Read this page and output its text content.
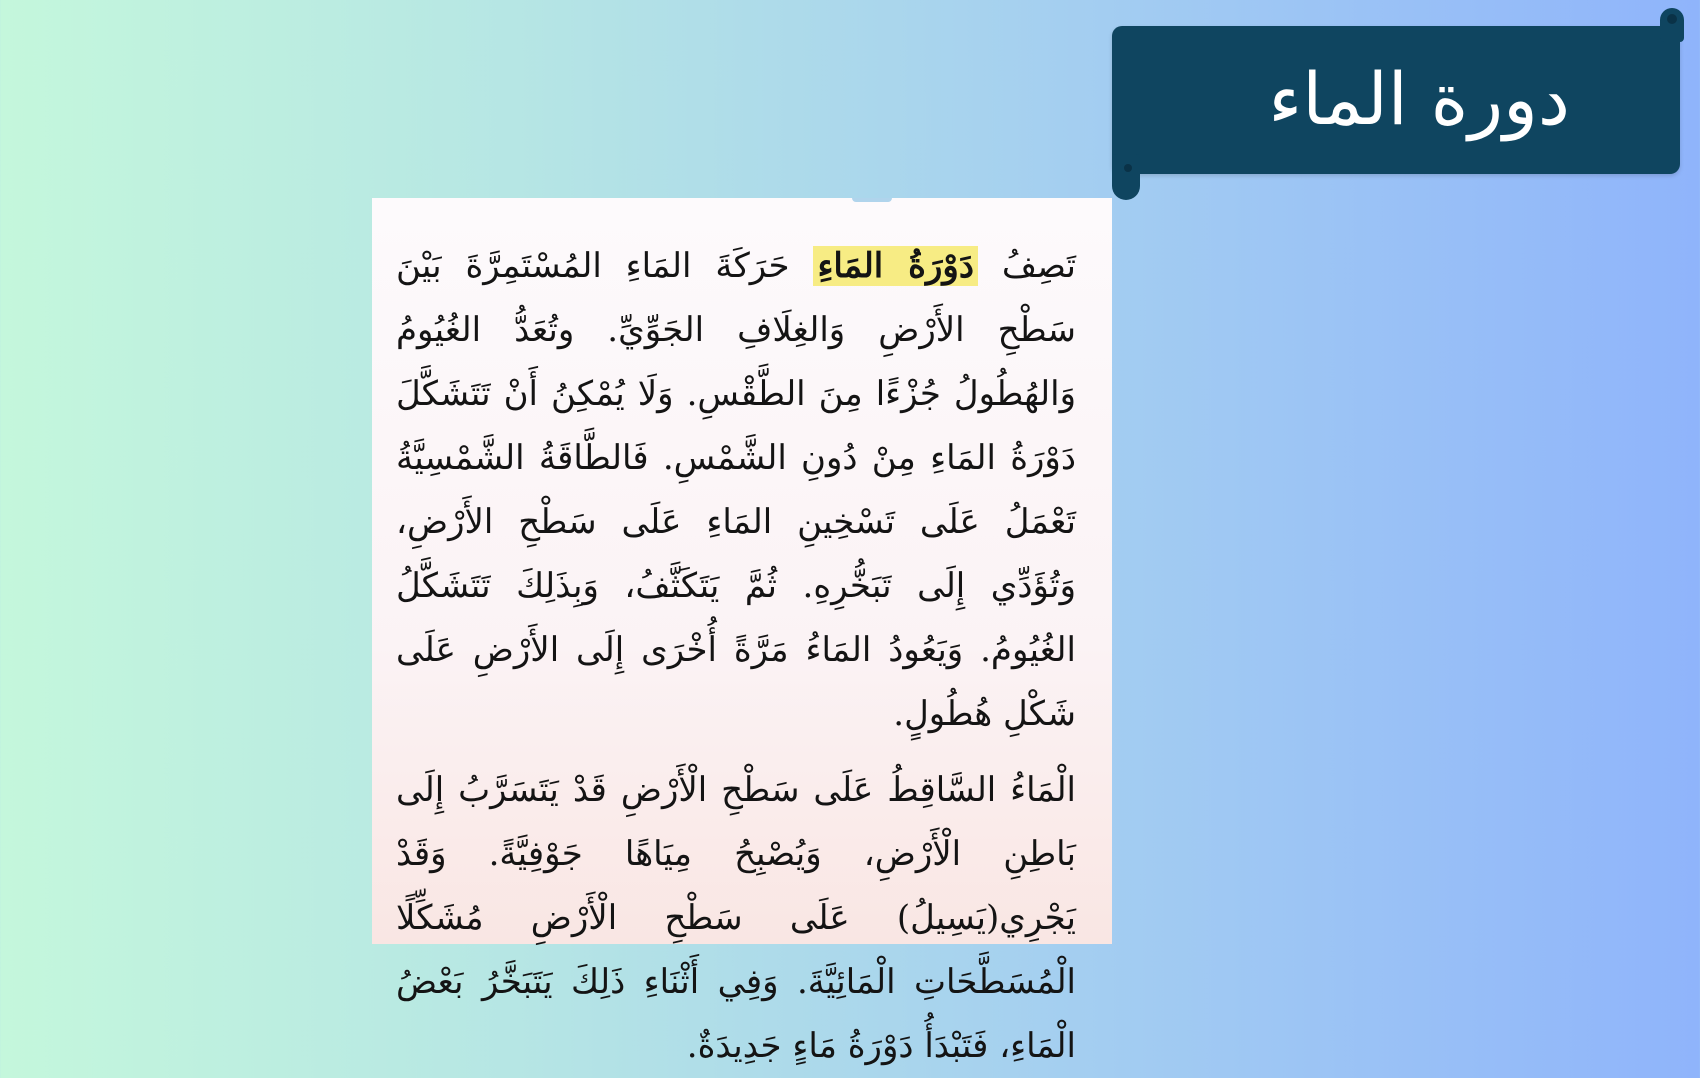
دورة الماء

تَصِفُ دَوْرَةُ المَاءِ حَرَكَةَ المَاءِ المُسْتَمِرَّةَ بَيْنَ سَطْحِ الأَرْضِ وَالغِلَافِ الجَوِّيِّ. وتُعَدُّ الغُيُومُ وَالهُطُولُ جُزْءًا مِنَ الطَّقْسِ. وَلَا يُمْكِنُ أَنْ تَتَشَكَّلَ دَوْرَةُ المَاءِ مِنْ دُونِ الشَّمْسِ. فَالطَّاقَةُ الشَّمْسِيَّةُ تَعْمَلُ عَلَى تَسْخِينِ المَاءِ عَلَى سَطْحِ الأَرْضِ، وَتُؤَدِّي إِلَى تَبَخُّرِهِ. ثُمَّ يَتَكَثَّفُ، وَبِذَلِكَ تَتَشَكَّلُ الغُيُومُ. وَيَعُودُ المَاءُ مَرَّةً أُخْرَى إِلَى الأَرْضِ عَلَى شَكْلِ هُطُولٍ.

الْمَاءُ السَّاقِطُ عَلَى سَطْحِ الْأَرْضِ قَدْ يَتَسَرَّبُ إِلَى بَاطِنِ الْأَرْضِ، وَيُصْبِحُ مِيَاهًا جَوْفِيَّةً. وَقَدْ يَجْرِي(يَسِيلُ) عَلَى سَطْحِ الْأَرْضِ مُشَكِّلًا الْمُسَطَّحَاتِ الْمَائِيَّةَ. وَفِي أَثْنَاءِ ذَلِكَ يَتَبَخَّرُ بَعْضُ الْمَاءِ، فَتَبْدَأُ دَوْرَةُ مَاءٍ جَدِيدَةٌ.
